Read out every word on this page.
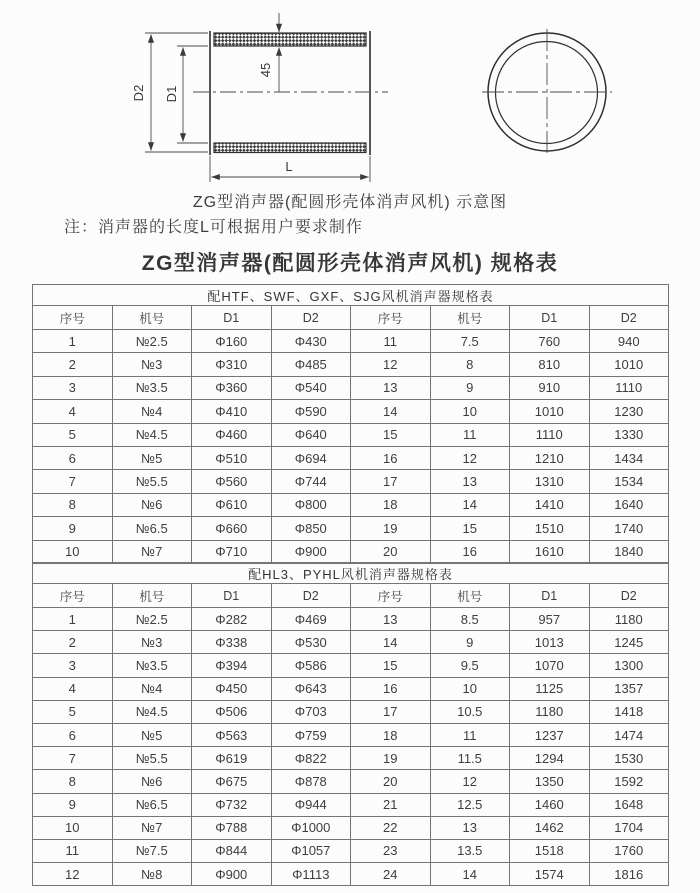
D2 D1
45
L
ZG型消声器(配圆形壳体消声风机) 示意图
注：消声器的长度L可根据用户要求制作
ZG型消声器(配圆形壳体消声风机) 规格表
配HTF、SWF、GXF、SJG风机消声器规格表							
序号	机号	D1	D2	序号	机号	D1	D2
1	№2.5	Φ160	Φ430	11	7.5	760	940
2	№3	Φ310	Φ485	12	8	810	1010
3	№3.5	Φ360	Φ540	13	9	910	1110
4	№4	Φ410	Φ590	14	10	1010	1230
5	№4.5	Φ460	Φ640	15	11	1110	1330
6	№5	Φ510	Φ694	16	12	1210	1434
7	№5.5	Φ560	Φ744	17	13	1310	1534
8	№6	Φ610	Φ800	18	14	1410	1640
9	№6.5	Φ660	Φ850	19	15	1510	1740
10	№7	Φ710	Φ900	20	16	1610	1840
配HL3、PYHL风机消声器规格表							
序号	机号	D1	D2	序号	机号	D1	D2
1	№2.5	Φ282	Φ469	13	8.5	957	1180
2	№3	Φ338	Φ530	14	9	1013	1245
3	№3.5	Φ394	Φ586	15	9.5	1070	1300
4	№4	Φ450	Φ643	16	10	1125	1357
5	№4.5	Φ506	Φ703	17	10.5	1180	1418
6	№5	Φ563	Φ759	18	11	1237	1474
7	№5.5	Φ619	Φ822	19	11.5	1294	1530
8	№6	Φ675	Φ878	20	12	1350	1592
9	№6.5	Φ732	Φ944	21	12.5	1460	1648
10	№7	Φ788	Φ1000	22	13	1462	1704
11	№7.5	Φ844	Φ1057	23	13.5	1518	1760
12	№8	Φ900	Φ1113	24	14	1574	1816
